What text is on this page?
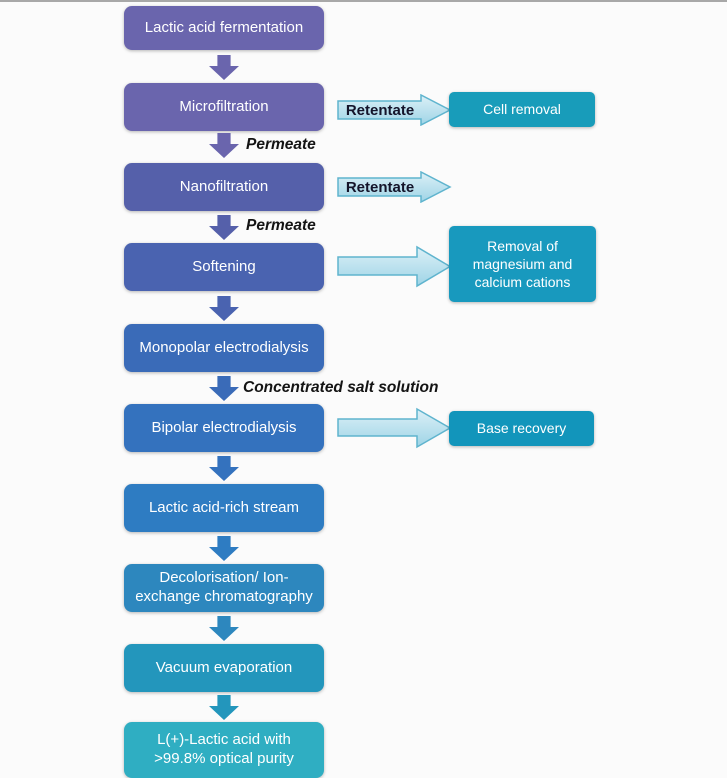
Lactic acid fermentation
Microfiltration
Nanofiltration
Softening
Monopolar electrodialysis
Bipolar electrodialysis
Lactic acid-rich stream
Decolorisation/ Ion-exchange chromatography
Vacuum evaporation
L(+)-Lactic acid with >99.8% optical purity
Permeate
Permeate
Concentrated salt solution
Retentate
Retentate
Cell removal
Removal of magnesium and calcium cations
Base recovery
